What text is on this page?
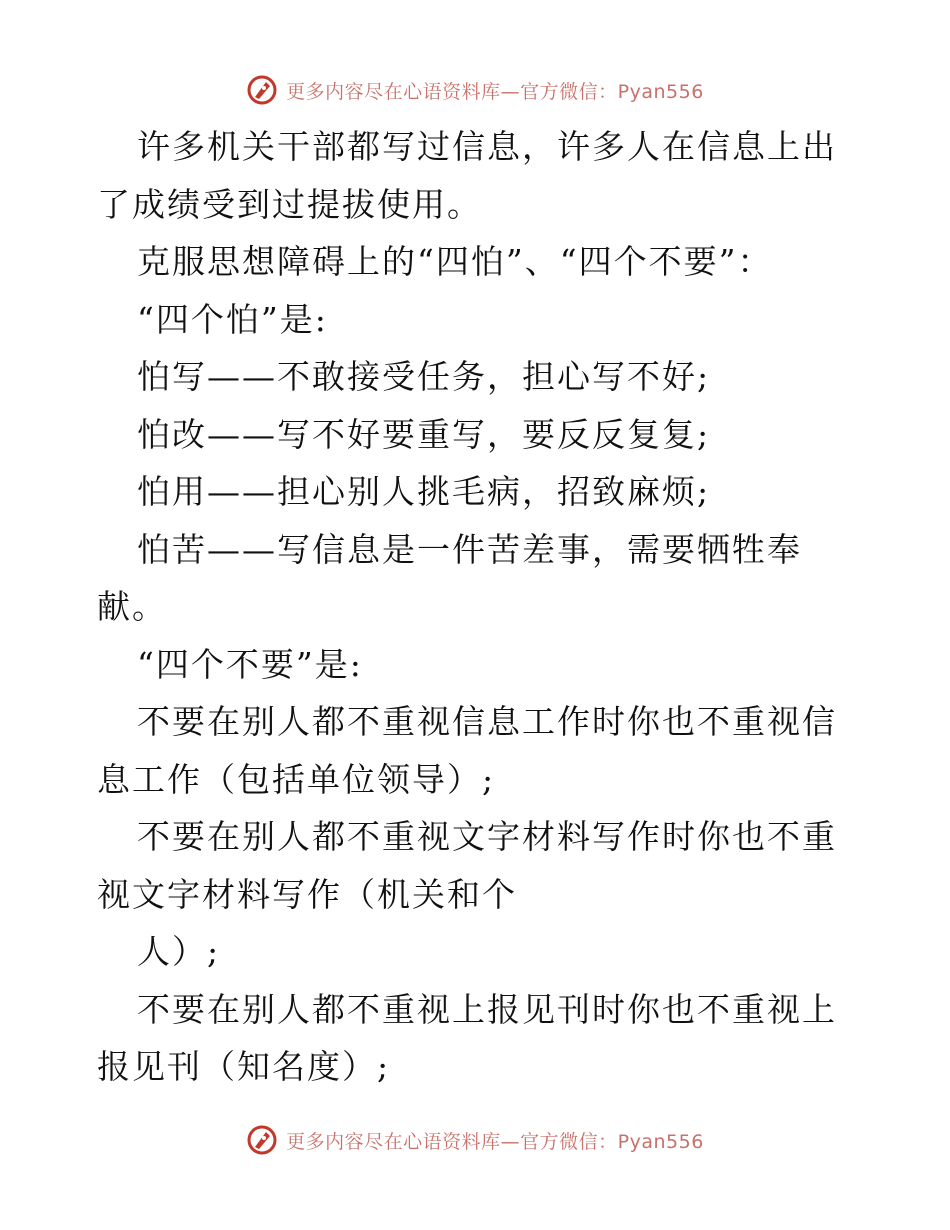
更多内容尽在心语资料库—官方微信：Pyan556

许多机关干部都写过信息，许多人在信息上出了成绩受到过提拔使用。

克服思想障碍上的“四怕”、“四个不要”：

“四个怕”是:

怕写——不敢接受任务，担心写不好;

怕改——写不好要重写，要反反复复;

怕用——担心别人挑毛病，招致麻烦;

怕苦——写信息是一件苦差事，需要牺牲奉献。

“四个不要”是:

不要在别人都不重视信息工作时你也不重视信息工作（包括单位领导）;

不要在别人都不重视文字材料写作时你也不重视文字材料写作（机关和个

人）;

不要在别人都不重视上报见刊时你也不重视上报见刊（知名度）;

更多内容尽在心语资料库—官方微信：Pyan556
